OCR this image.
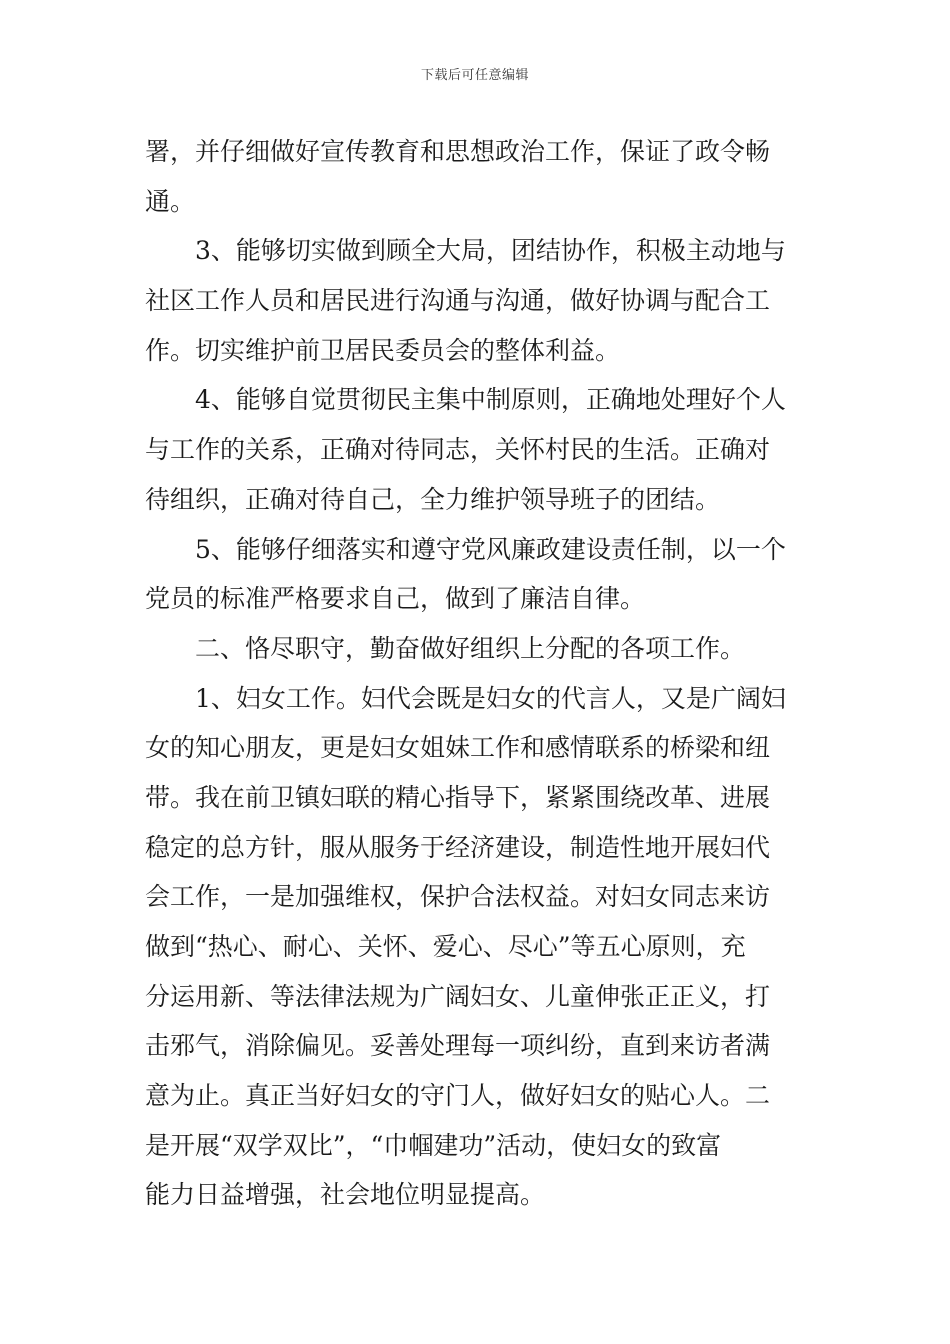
下载后可任意编辑
署，并仔细做好宣传教育和思想政治工作，保证了政令畅
通。
3、能够切实做到顾全大局，团结协作，积极主动地与
社区工作人员和居民进行沟通与沟通，做好协调与配合工
作。切实维护前卫居民委员会的整体利益。
4、能够自觉贯彻民主集中制原则，正确地处理好个人
与工作的关系，正确对待同志，关怀村民的生活。正确对
待组织，正确对待自己，全力维护领导班子的团结。
5、能够仔细落实和遵守党风廉政建设责任制，以一个
党员的标准严格要求自己，做到了廉洁自律。
二、恪尽职守，勤奋做好组织上分配的各项工作。
1、妇女工作。妇代会既是妇女的代言人，又是广阔妇
女的知心朋友，更是妇女姐妹工作和感情联系的桥梁和纽
带。我在前卫镇妇联的精心指导下，紧紧围绕改革、进展
稳定的总方针，服从服务于经济建设，制造性地开展妇代
会工作，一是加强维权，保护合法权益。对妇女同志来访
做到“热心、耐心、关怀、爱心、尽心”等五心原则，充
分运用新、等法律法规为广阔妇女、儿童伸张正正义，打
击邪气，消除偏见。妥善处理每一项纠纷，直到来访者满
意为止。真正当好妇女的守门人，做好妇女的贴心人。二
是开展“双学双比”，“巾帼建功”活动，使妇女的致富
能力日益增强，社会地位明显提高。
